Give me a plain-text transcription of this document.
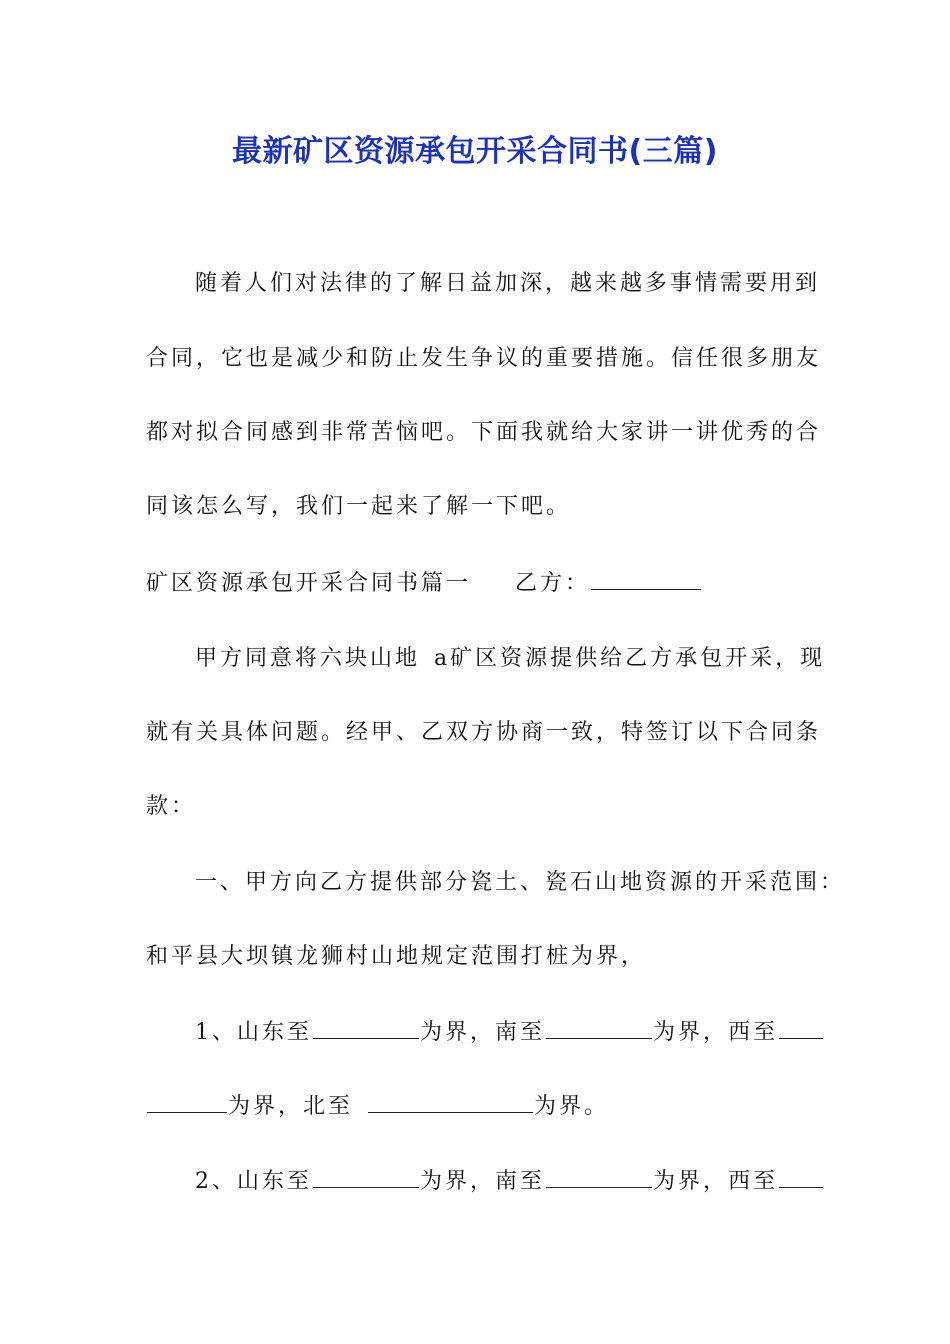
最新矿区资源承包开采合同书(三篇)
随着人们对法律的了解日益加深，越来越多事情需要用到
合同，它也是减少和防止发生争议的重要措施。信任很多朋友
都对拟合同感到非常苦恼吧。下面我就给大家讲一讲优秀的合
同该怎么写，我们一起来了解一下吧。
矿区资源承包开采合同书篇一 乙方：
甲方同意将六块山地 a矿区资源提供给乙方承包开采，现
就有关具体问题。经甲、乙双方协商一致，特签订以下合同条
款：
一、甲方向乙方提供部分瓷土、瓷石山地资源的开采范围：
和平县大坝镇龙狮村山地规定范围打桩为界，
1、山东至	为界，南至	为界，西至
为界，北至	为界。
2、山东至	为界，南至	为界，西至
